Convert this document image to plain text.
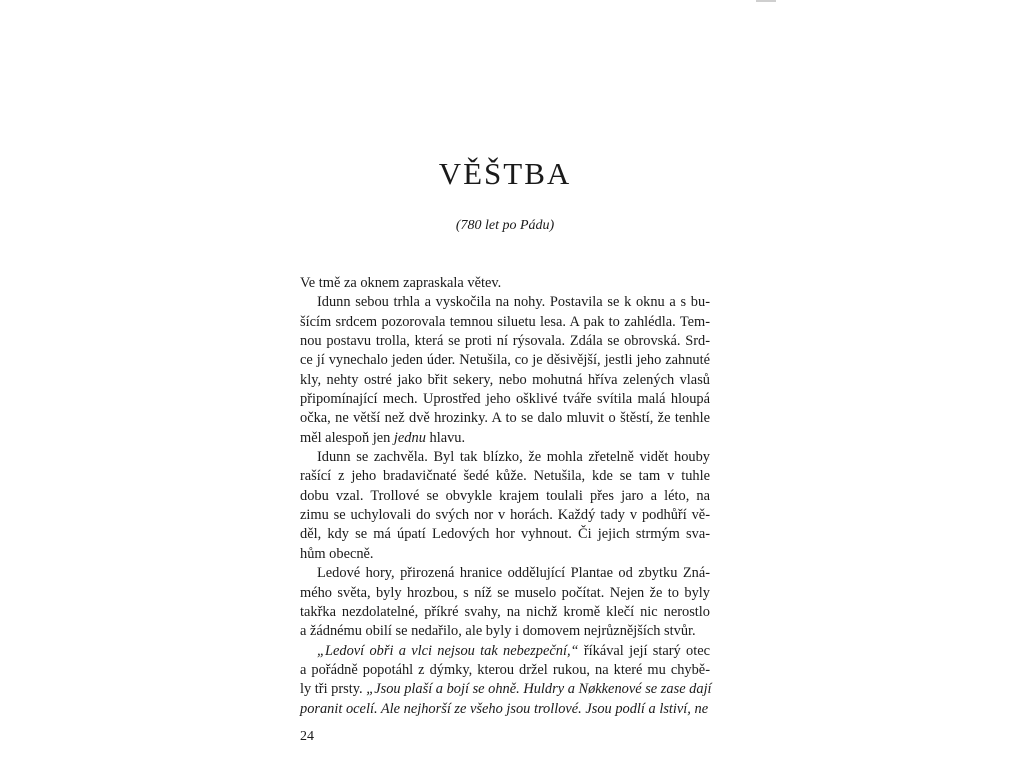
VĚŠTBA
(780 let po Pádu)
Ve tmě za oknem zapraskala větev.
Idunn sebou trhla a vyskočila na nohy. Postavila se k oknu a s bu-
šícím srdcem pozorovala temnou siluetu lesa. A pak to zahlédla. Tem-
nou postavu trolla, která se proti ní rýsovala. Zdála se obrovská. Srd-
ce jí vynechalo jeden úder. Netušila, co je děsivější, jestli jeho zahnuté
kly, nehty ostré jako břit sekery, nebo mohutná hříva zelených vlasů
připomínající mech. Uprostřed jeho ošklivé tváře svítila malá hloupá
očka, ne větší než dvě hrozinky. A to se dalo mluvit o štěstí, že tenhle
měl alespoň jen jednu hlavu.
Idunn se zachvěla. Byl tak blízko, že mohla zřetelně vidět houby
rašící z jeho bradavičnaté šedé kůže. Netušila, kde se tam v tuhle
dobu vzal. Trollové se obvykle krajem toulali přes jaro a léto, na
zimu se uchylovali do svých nor v horách. Každý tady v podhůří vě-
děl, kdy se má úpatí Ledových hor vyhnout. Či jejich strmým sva-
hům obecně.
Ledové hory, přirozená hranice oddělující Plantae od zbytku Zná-
mého světa, byly hrozbou, s níž se muselo počítat. Nejen že to byly
takřka nezdolatelné, příkré svahy, na nichž kromě klečí nic nerostlo
a žádnému obilí se nedařilo, ale byly i domovem nejrůznějších stvůr.
„Ledoví obři a vlci nejsou tak nebezpeční,“ říkával její starý otec
a pořádně popotáhl z dýmky, kterou držel rukou, na které mu chybě-
ly tři prsty. „Jsou plaší a bojí se ohně. Huldry a Nøkkenové se zase dají
poranit ocelí. Ale nejhorší ze všeho jsou trollové. Jsou podlí a lstiví, ne
24
